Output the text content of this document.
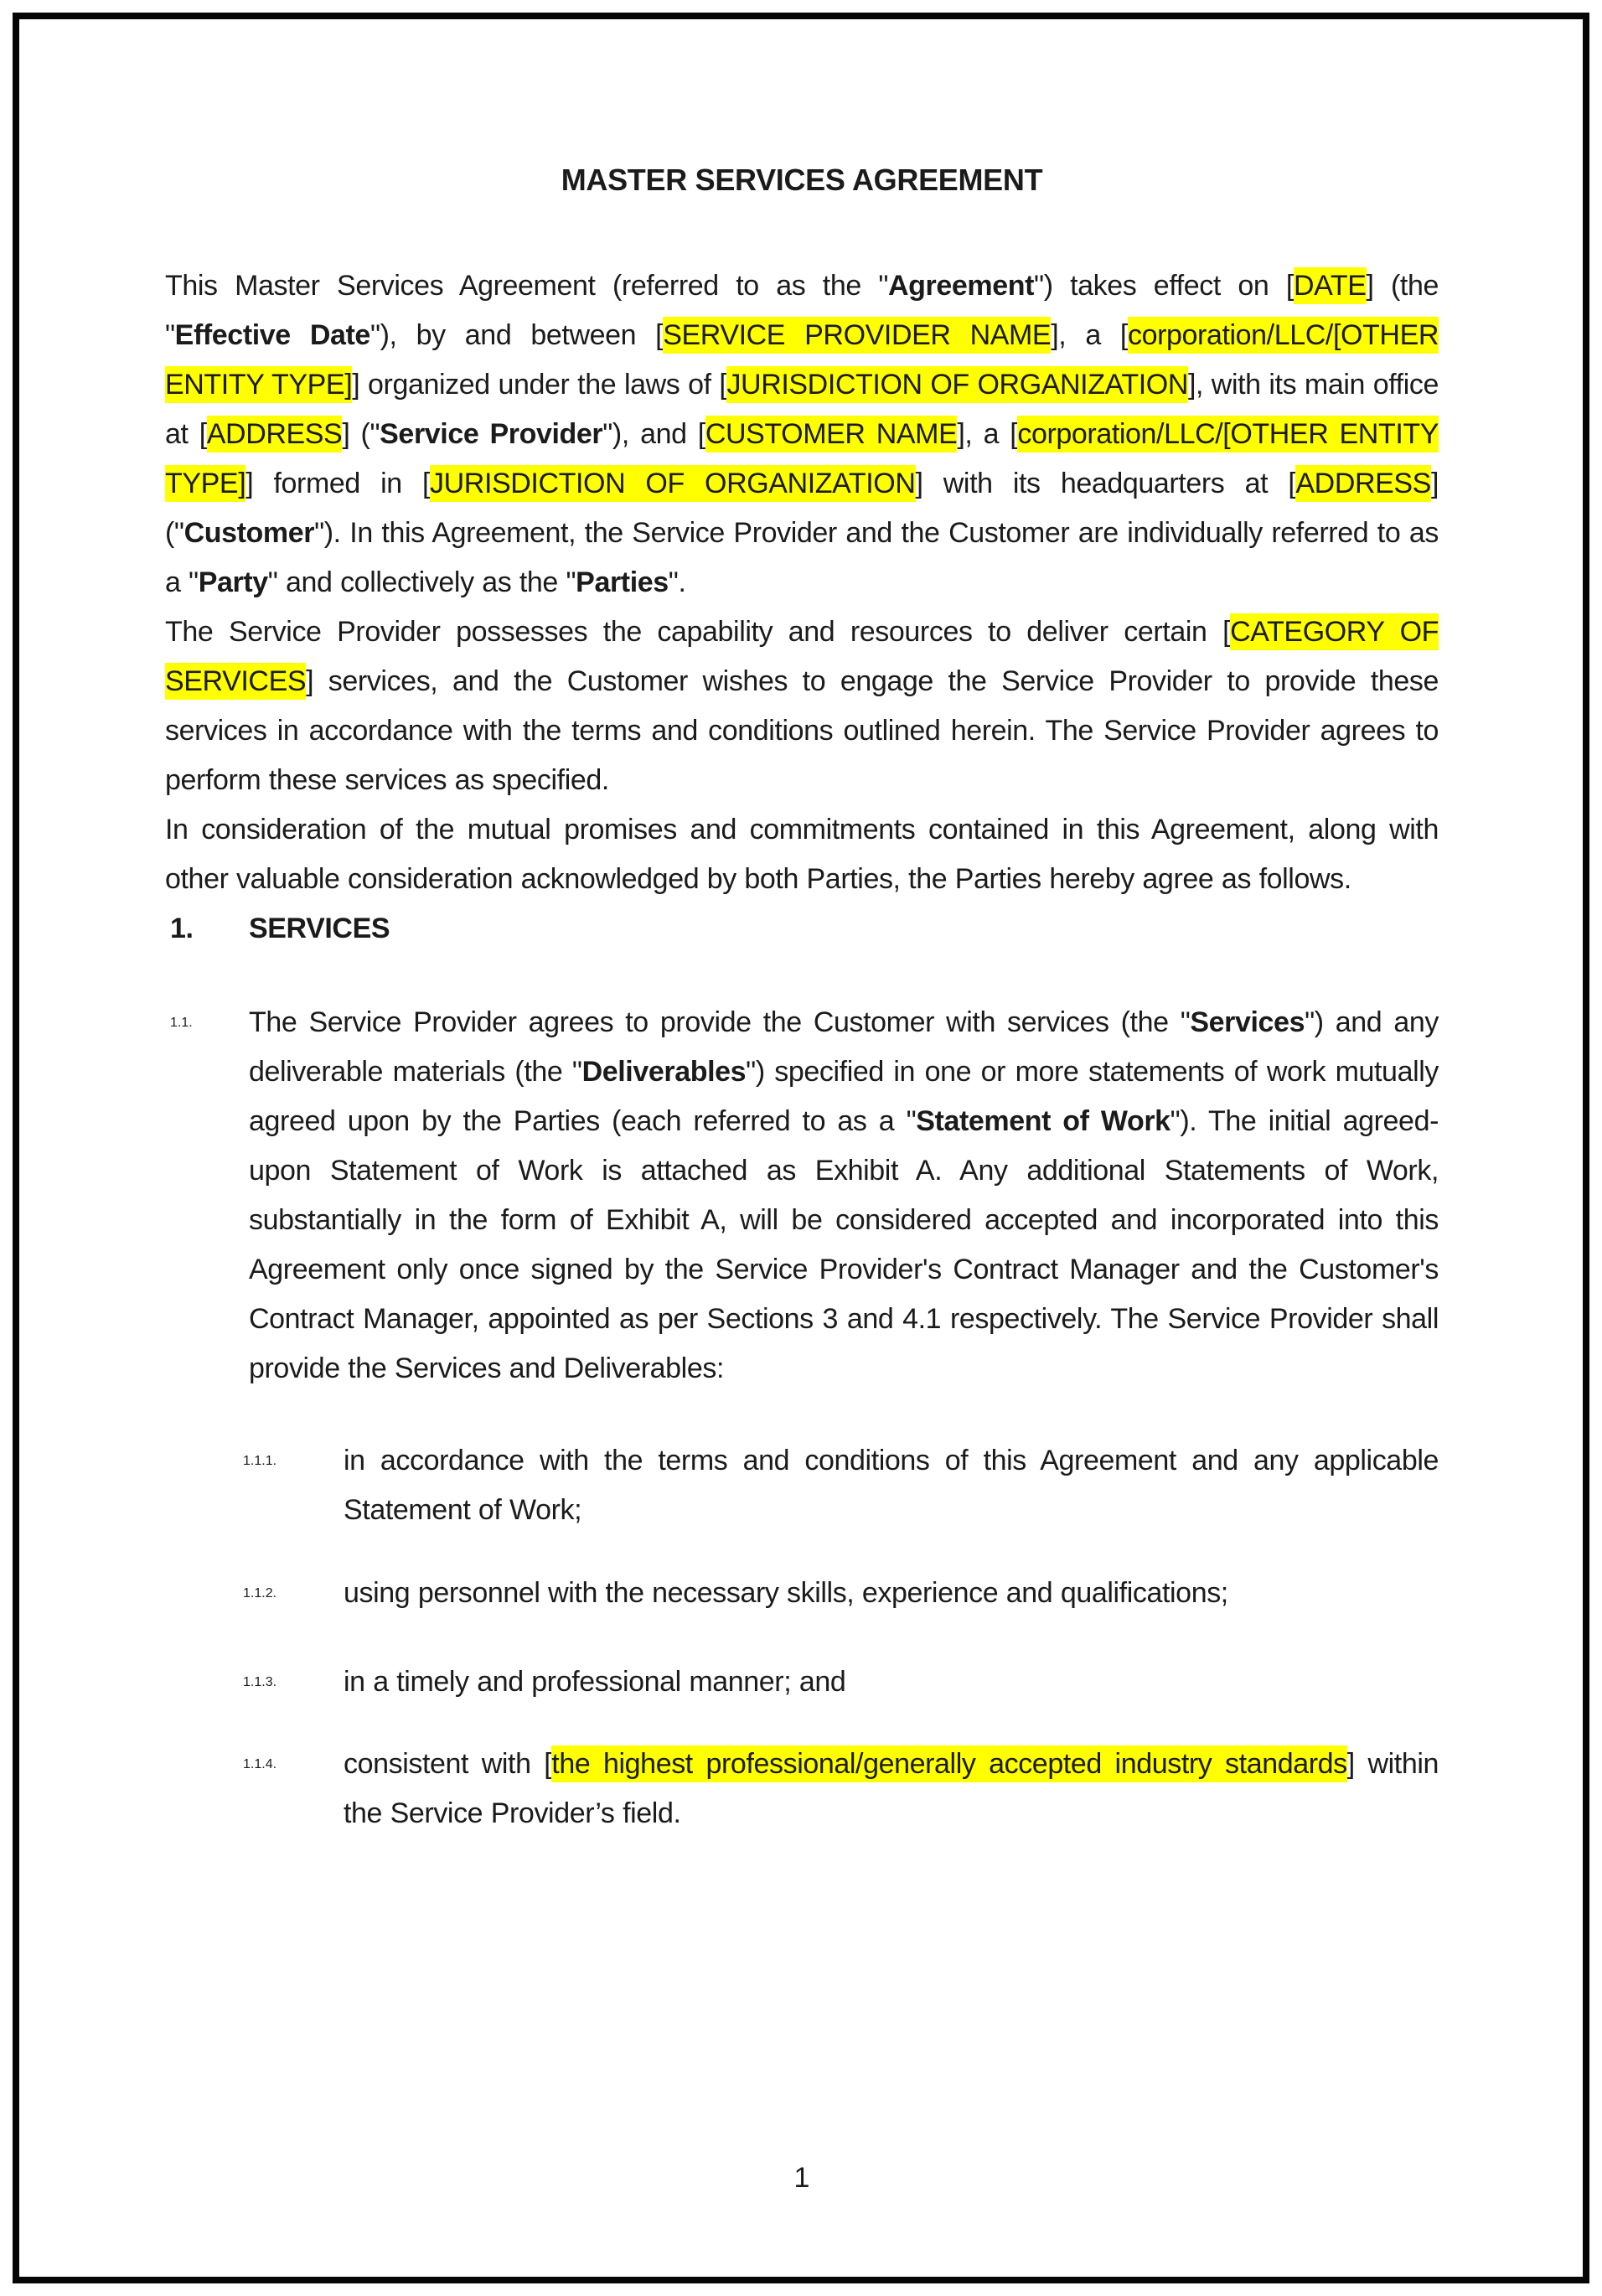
MASTER SERVICES AGREEMENT

This Master Services Agreement (referred to as the "Agreement") takes effect on [DATE] (the "Effective Date"), by and between [SERVICE PROVIDER NAME], a [corporation/LLC/[OTHER ENTITY TYPE]] organized under the laws of [JURISDICTION OF ORGANIZATION], with its main office at [ADDRESS] ("Service Provider"), and [CUSTOMER NAME], a [corporation/LLC/[OTHER ENTITY TYPE]] formed in [JURISDICTION OF ORGANIZATION] with its headquarters at [ADDRESS] ("Customer"). In this Agreement, the Service Provider and the Customer are individually referred to as a "Party" and collectively as the "Parties".

The Service Provider possesses the capability and resources to deliver certain [CATEGORY OF SERVICES] services, and the Customer wishes to engage the Service Provider to provide these services in accordance with the terms and conditions outlined herein. The Service Provider agrees to perform these services as specified.

In consideration of the mutual promises and commitments contained in this Agreement, along with other valuable consideration acknowledged by both Parties, the Parties hereby agree as follows.

1. SERVICES
1.1. The Service Provider agrees to provide the Customer with services (the "Services") and any deliverable materials (the "Deliverables") specified in one or more statements of work mutually agreed upon by the Parties (each referred to as a "Statement of Work"). The initial agreed-upon Statement of Work is attached as Exhibit A. Any additional Statements of Work, substantially in the form of Exhibit A, will be considered accepted and incorporated into this Agreement only once signed by the Service Provider's Contract Manager and the Customer's Contract Manager, appointed as per Sections 3 and 4.1 respectively. The Service Provider shall provide the Services and Deliverables:
1.1.1. in accordance with the terms and conditions of this Agreement and any applicable Statement of Work;
1.1.2. using personnel with the necessary skills, experience and qualifications;
1.1.3. in a timely and professional manner; and
1.1.4. consistent with [the highest professional/generally accepted industry standards] within the Service Provider’s field.
1
